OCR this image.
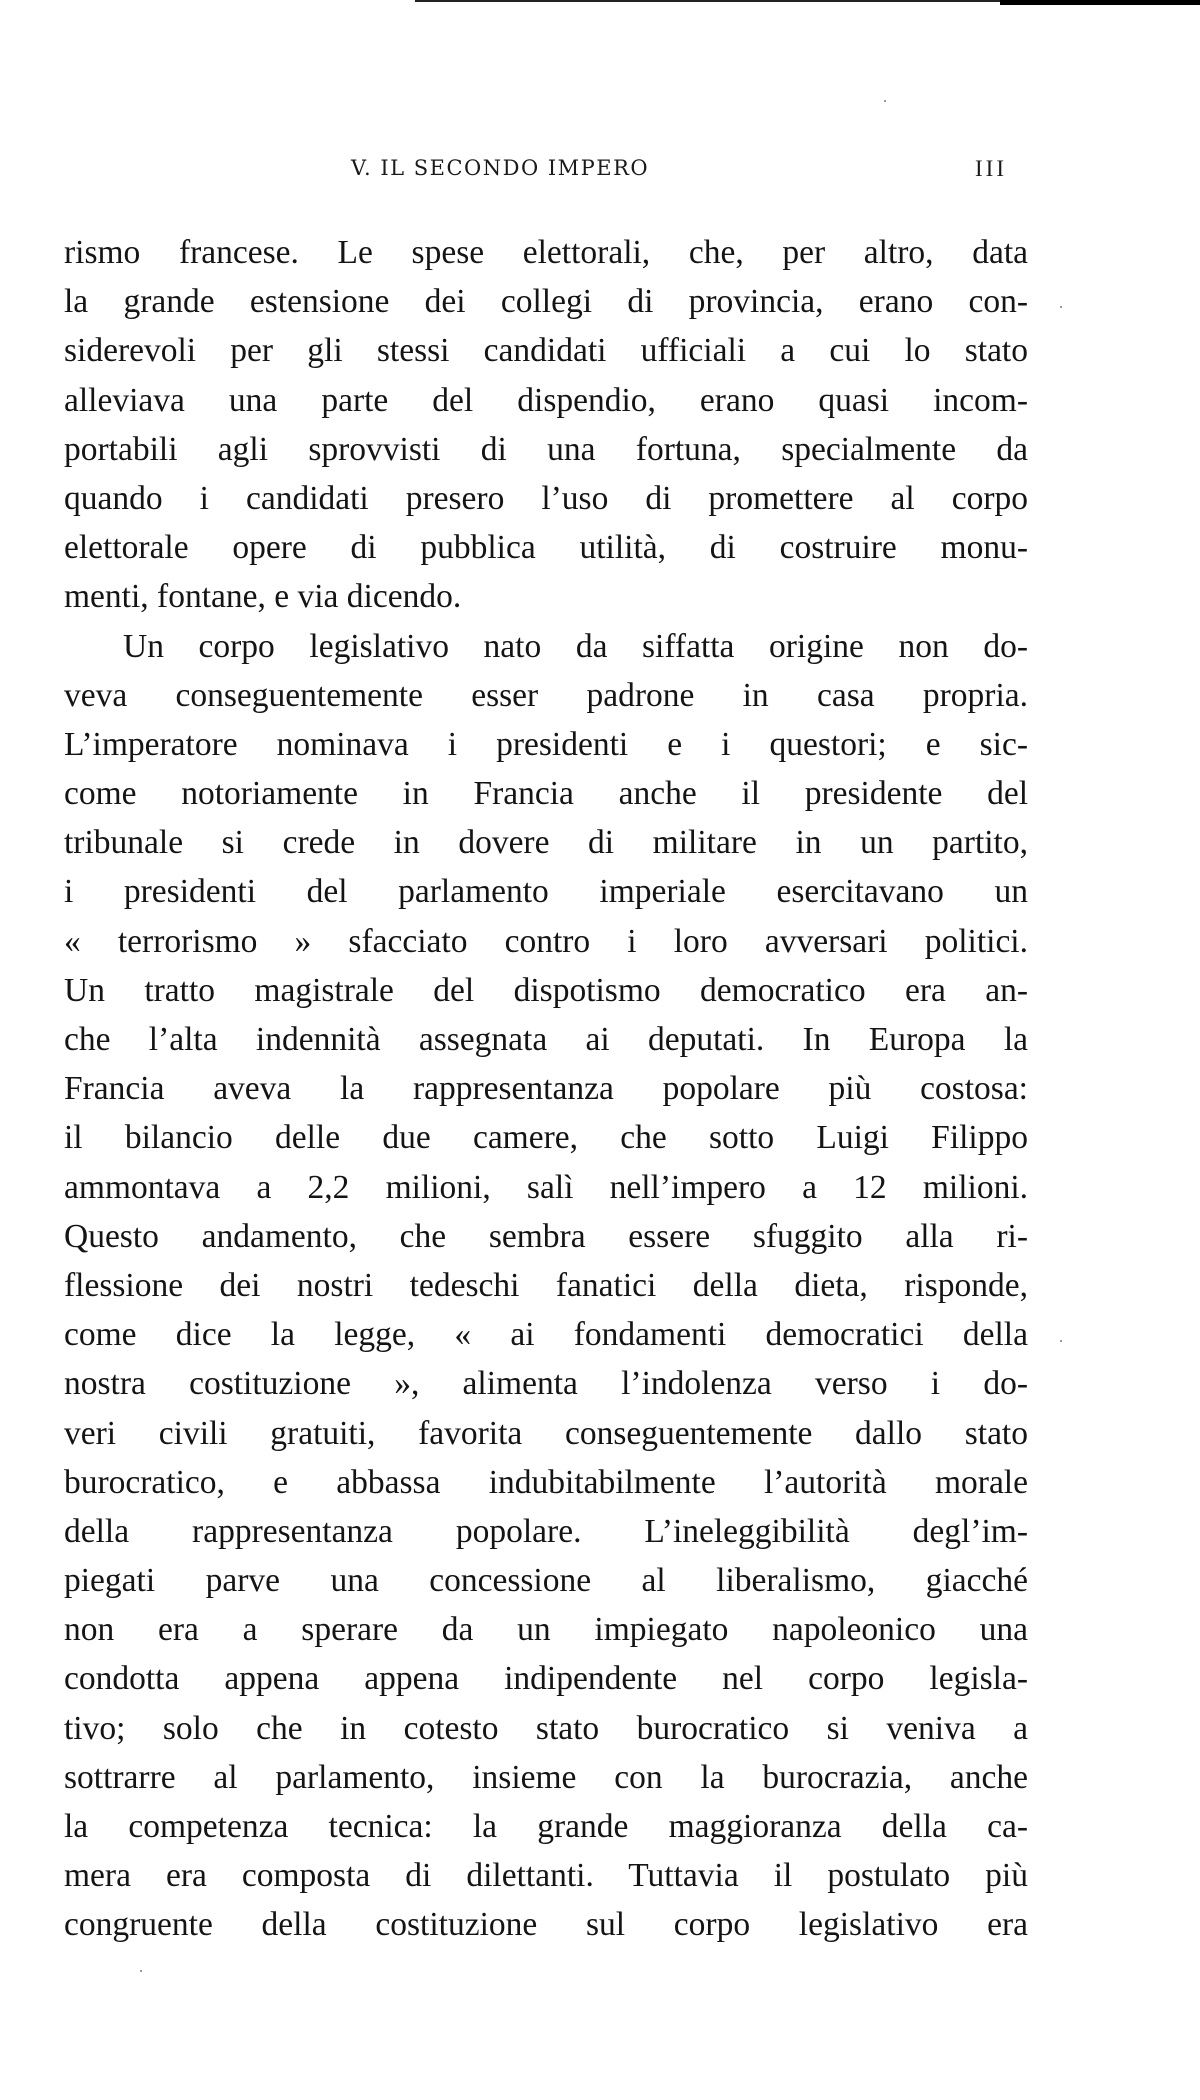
V. IL SECONDO IMPERO	III
rismo francese. Le spese elettorali, che, per altro, data
la grande estensione dei collegi di provincia, erano con-
siderevoli per gli stessi candidati ufficiali a cui lo stato
alleviava una parte del dispendio, erano quasi incom-
portabili agli sprovvisti di una fortuna, specialmente da
quando i candidati presero l’uso di promettere al corpo
elettorale opere di pubblica utilità, di costruire monu-
menti, fontane, e via dicendo.
Un corpo legislativo nato da siffatta origine non do-
veva conseguentemente esser padrone in casa propria.
L’imperatore nominava i presidenti e i questori; e sic-
come notoriamente in Francia anche il presidente del
tribunale si crede in dovere di militare in un partito,
i presidenti del parlamento imperiale esercitavano un
« terrorismo » sfacciato contro i loro avversari politici.
Un tratto magistrale del dispotismo democratico era an-
che l’alta indennità assegnata ai deputati. In Europa la
Francia aveva la rappresentanza popolare più costosa:
il bilancio delle due camere, che sotto Luigi Filippo
ammontava a 2,2 milioni, salì nell’impero a 12 milioni.
Questo andamento, che sembra essere sfuggito alla ri-
flessione dei nostri tedeschi fanatici della dieta, risponde,
come dice la legge, « ai fondamenti democratici della
nostra costituzione », alimenta l’indolenza verso i do-
veri civili gratuiti, favorita conseguentemente dallo stato
burocratico, e abbassa indubitabilmente l’autorità morale
della rappresentanza popolare. L’ineleggibilità degl’im-
piegati parve una concessione al liberalismo, giacché
non era a sperare da un impiegato napoleonico una
condotta appena appena indipendente nel corpo legisla-
tivo; solo che in cotesto stato burocratico si veniva a
sottrarre al parlamento, insieme con la burocrazia, anche
la competenza tecnica: la grande maggioranza della ca-
mera era composta di dilettanti. Tuttavia il postulato più
congruente della costituzione sul corpo legislativo era
